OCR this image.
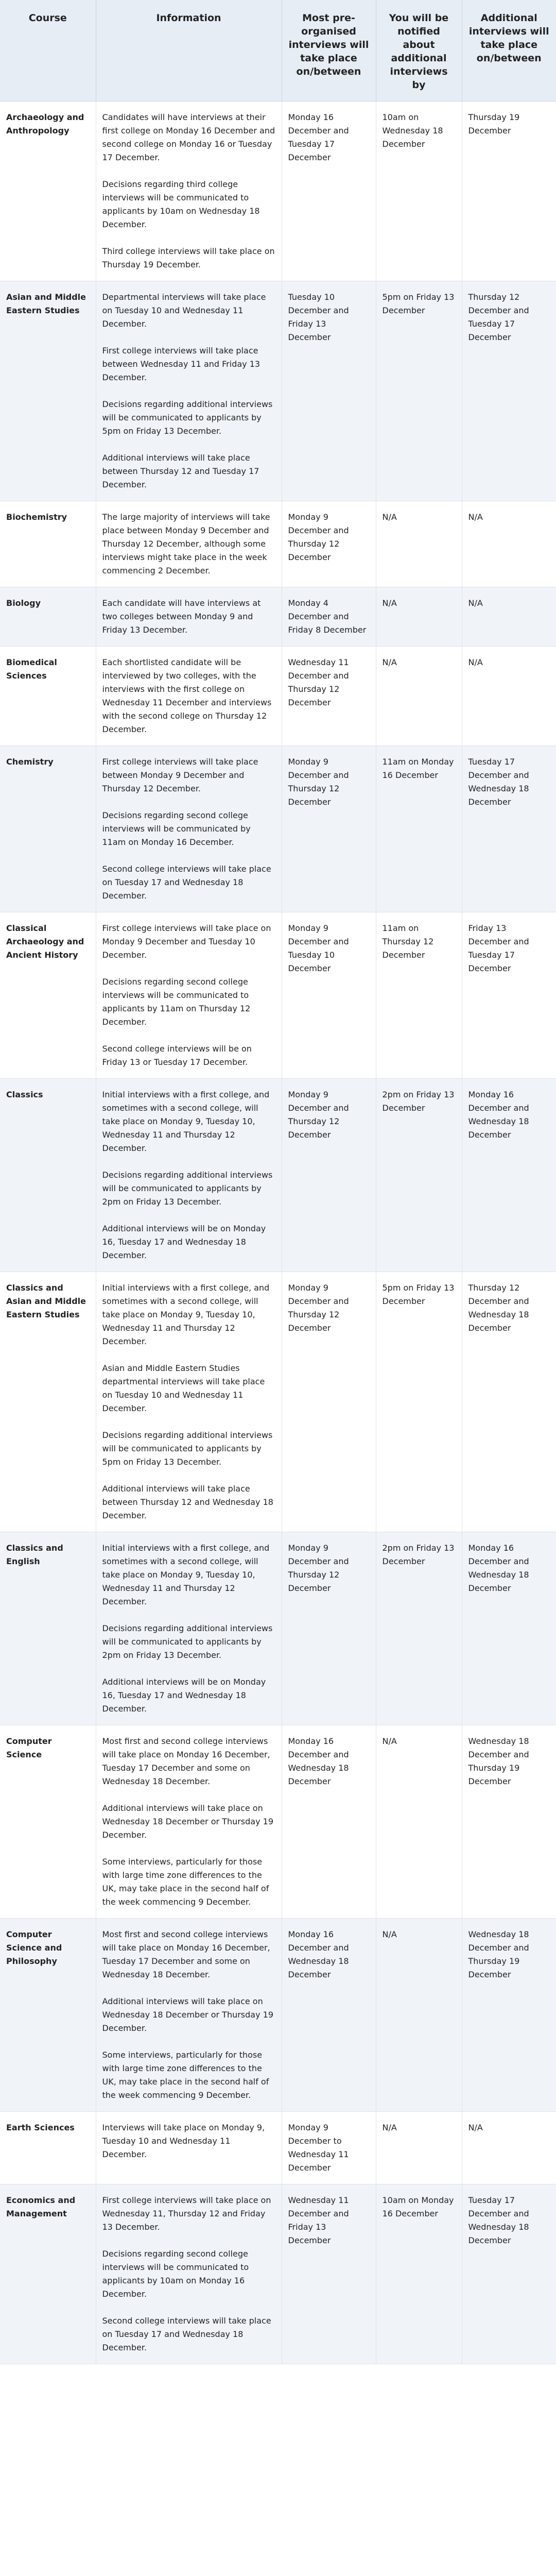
Course	Information	Most pre-organised interviews will take place on/between	You will be notified about additional interviews by	Additional interviews will take place on/between
Archaeology and Anthropology	Candidates will have interviews at their first college on Monday 16 December and second college on Monday 16 or Tuesday 17 December.

Decisions regarding third college interviews will be communicated to applicants by 10am on Wednesday 18 December.

Third college interviews will take place on Thursday 19 December.	Monday 16 December and Tuesday 17 December	10am on Wednesday 18 December	Thursday 19 December
Asian and Middle Eastern Studies	Departmental interviews will take place on Tuesday 10 and Wednesday 11 December.

First college interviews will take place between Wednesday 11 and Friday 13 December.

Decisions regarding additional interviews will be communicated to applicants by 5pm on Friday 13 December.

Additional interviews will take place between Thursday 12 and Tuesday 17 December.	Tuesday 10 December and Friday 13 December	5pm on Friday 13 December	Thursday 12 December and Tuesday 17 December
Biochemistry	The large majority of interviews will take place between Monday 9 December and Thursday 12 December, although some interviews might take place in the week commencing 2 December.	Monday 9 December and Thursday 12 December	N/A	N/A
Biology	Each candidate will have interviews at two colleges between Monday 9 and Friday 13 December.	Monday 4 December and Friday 8 December	N/A	N/A
Biomedical Sciences	Each shortlisted candidate will be interviewed by two colleges, with the interviews with the first college on Wednesday 11 December and interviews with the second college on Thursday 12 December.	Wednesday 11 December and Thursday 12 December	N/A	N/A
Chemistry	First college interviews will take place between Monday 9 December and Thursday 12 December.

Decisions regarding second college interviews will be communicated by 11am on Monday 16 December.

Second college interviews will take place on Tuesday 17 and Wednesday 18 December.	Monday 9 December and Thursday 12 December	11am on Monday 16 December	Tuesday 17 December and Wednesday 18 December
Classical Archaeology and Ancient History	First college interviews will take place on Monday 9 December and Tuesday 10 December.

Decisions regarding second college interviews will be communicated to applicants by 11am on Thursday 12 December.

Second college interviews will be on Friday 13 or Tuesday 17 December.	Monday 9 December and Tuesday 10 December	11am on Thursday 12 December	Friday 13 December and Tuesday 17 December
Classics	Initial interviews with a first college, and sometimes with a second college, will take place on Monday 9, Tuesday 10, Wednesday 11 and Thursday 12 December.

Decisions regarding additional interviews will be communicated to applicants by 2pm on Friday 13 December.

Additional interviews will be on Monday 16, Tuesday 17 and Wednesday 18 December.	Monday 9 December and Thursday 12 December	2pm on Friday 13 December	Monday 16 December and Wednesday 18 December
Classics and Asian and Middle Eastern Studies	Initial interviews with a first college, and sometimes with a second college, will take place on Monday 9, Tuesday 10, Wednesday 11 and Thursday 12 December.

Asian and Middle Eastern Studies departmental interviews will take place on Tuesday 10 and Wednesday 11 December.

Decisions regarding additional interviews will be communicated to applicants by 5pm on Friday 13 December.

Additional interviews will take place between Thursday 12 and Wednesday 18 December.	Monday 9 December and Thursday 12 December	5pm on Friday 13 December	Thursday 12 December and Wednesday 18 December
Classics and English	Initial interviews with a first college, and sometimes with a second college, will take place on Monday 9, Tuesday 10, Wednesday 11 and Thursday 12 December.

Decisions regarding additional interviews will be communicated to applicants by 2pm on Friday 13 December.

Additional interviews will be on Monday 16, Tuesday 17 and Wednesday 18 December.	Monday 9 December and Thursday 12 December	2pm on Friday 13 December	Monday 16 December and Wednesday 18 December
Computer Science	Most first and second college interviews will take place on Monday 16 December, Tuesday 17 December and some on Wednesday 18 December.

Additional interviews will take place on Wednesday 18 December or Thursday 19 December.

Some interviews, particularly for those with large time zone differences to the UK, may take place in the second half of the week commencing 9 December.	Monday 16 December and Wednesday 18 December	N/A	Wednesday 18 December and Thursday 19 December
Computer Science and Philosophy	Most first and second college interviews will take place on Monday 16 December, Tuesday 17 December and some on Wednesday 18 December.

Additional interviews will take place on Wednesday 18 December or Thursday 19 December.

Some interviews, particularly for those with large time zone differences to the UK, may take place in the second half of the week commencing 9 December.	Monday 16 December and Wednesday 18 December	N/A	Wednesday 18 December and Thursday 19 December
Earth Sciences	Interviews will take place on Monday 9, Tuesday 10 and Wednesday 11 December.	Monday 9 December to Wednesday 11 December	N/A	N/A
Economics and Management	First college interviews will take place on Wednesday 11, Thursday 12 and Friday 13 December.

Decisions regarding second college interviews will be communicated to applicants by 10am on Monday 16 December.

Second college interviews will take place on Tuesday 17 and Wednesday 18 December.	Wednesday 11 December and Friday 13 December	10am on Monday 16 December	Tuesday 17 December and Wednesday 18 December
